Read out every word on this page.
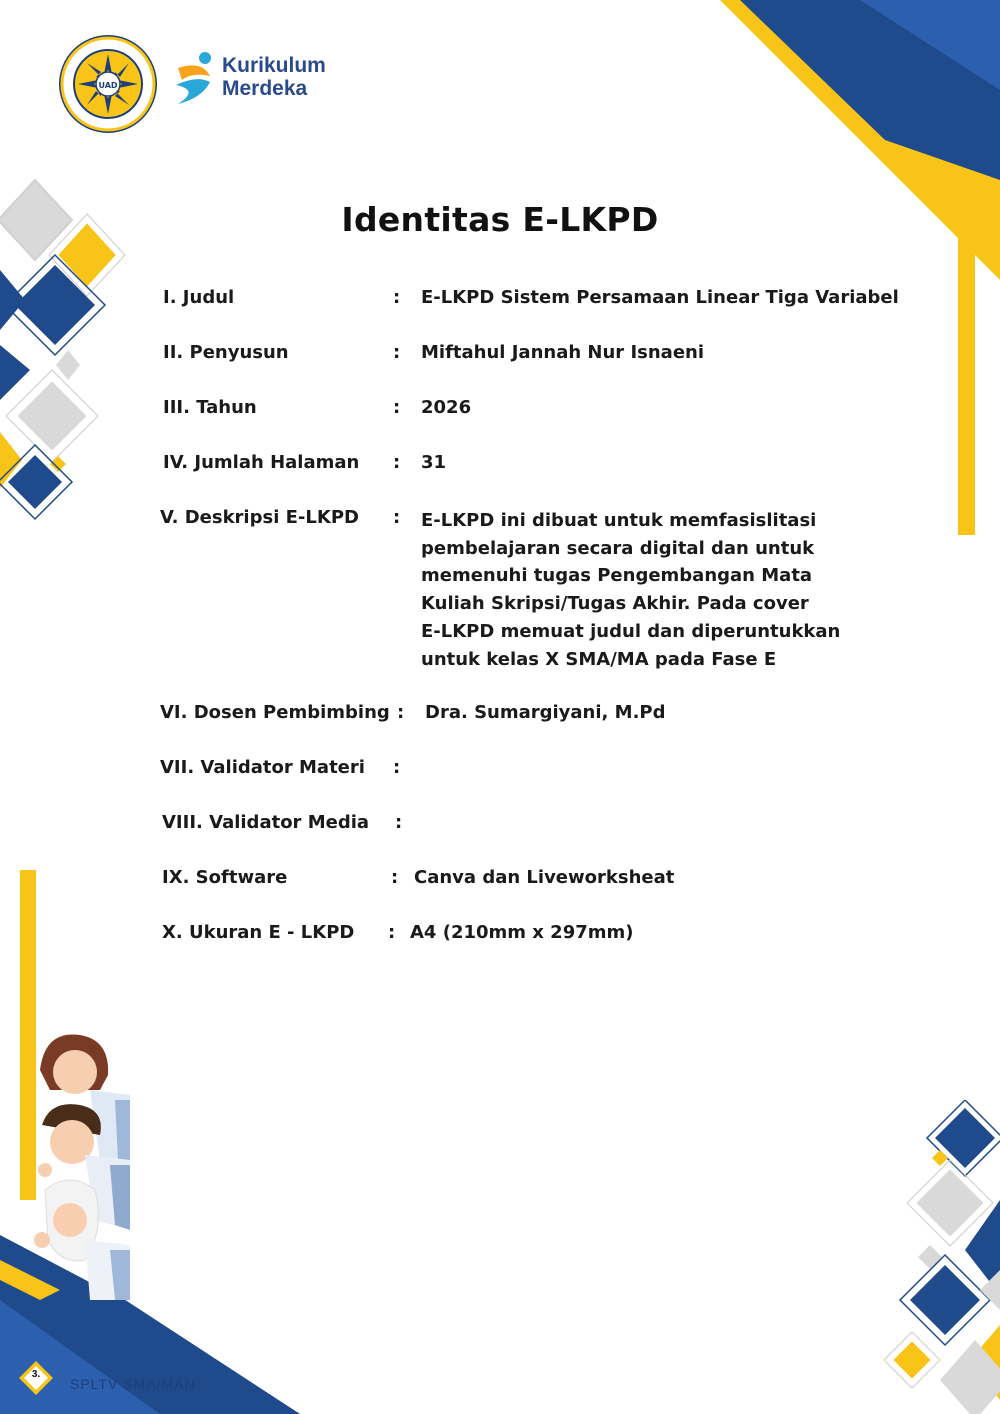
UAD
Kurikulum
Merdeka
Identitas E-LKPD
I. Judul	: E-LKPD Sistem Persamaan Linear Tiga Variabel
II. Penyusun	: Miftahul Jannah Nur Isnaeni
III. Tahun	: 2026
IV. Jumlah Halaman : 31
V. Deskripsi E-LKPD : E-LKPD ini dibuat untuk memfasislitasi
pembelajaran secara digital dan untuk
memenuhi tugas Pengembangan Mata
Kuliah Skripsi/Tugas Akhir. Pada cover
E-LKPD memuat judul dan diperuntukkan
untuk kelas X SMA/MA pada Fase E
VI. Dosen Pembimbing : Dra. Sumargiyani, M.Pd
VII. Validator Materi :
VIII. Validator Media :
IX. Software	: Canva dan Liveworksheat
X. Ukuran E - LKPD : A4 (210mm x 297mm)
3.
SPLTV SMA/MAN
